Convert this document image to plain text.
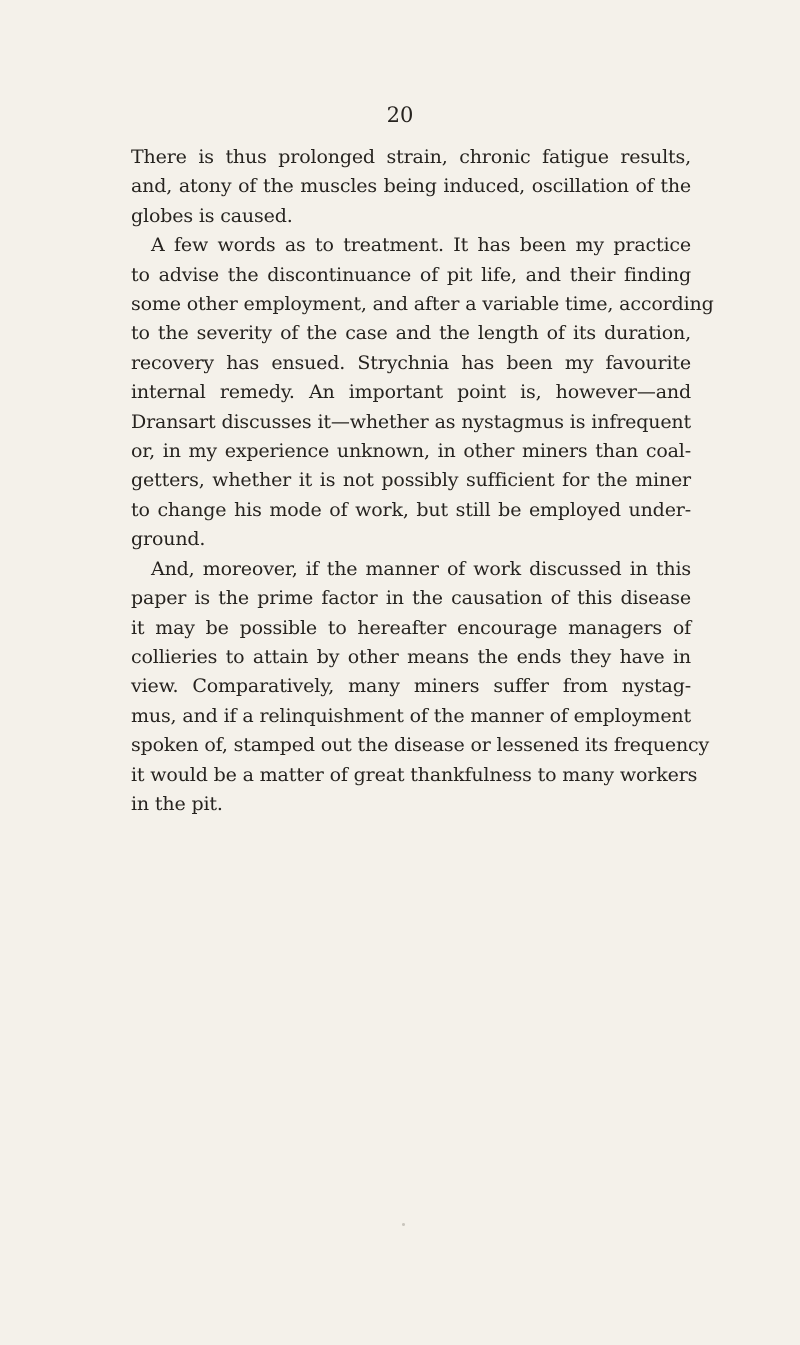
20
There is thus prolonged strain, chronic fatigue results,
and, atony of the muscles being induced, oscillation of the
globes is caused.
A few words as to treatment. It has been my practice
to advise the discontinuance of pit life, and their finding
some other employment, and after a variable time, according
to the severity of the case and the length of its duration,
recovery has ensued. Strychnia has been my favourite
internal remedy. An important point is, however—and
Dransart discusses it—whether as nystagmus is infrequent
or, in my experience unknown, in other miners than coal-
getters, whether it is not possibly sufficient for the miner
to change his mode of work, but still be employed under-
ground.
And, moreover, if the manner of work discussed in this
paper is the prime factor in the causation of this disease
it may be possible to hereafter encourage managers of
collieries to attain by other means the ends they have in
view. Comparatively, many miners suffer from nystag-
mus, and if a relinquishment of the manner of employment
spoken of, stamped out the disease or lessened its frequency
it would be a matter of great thankfulness to many workers
in the pit.
